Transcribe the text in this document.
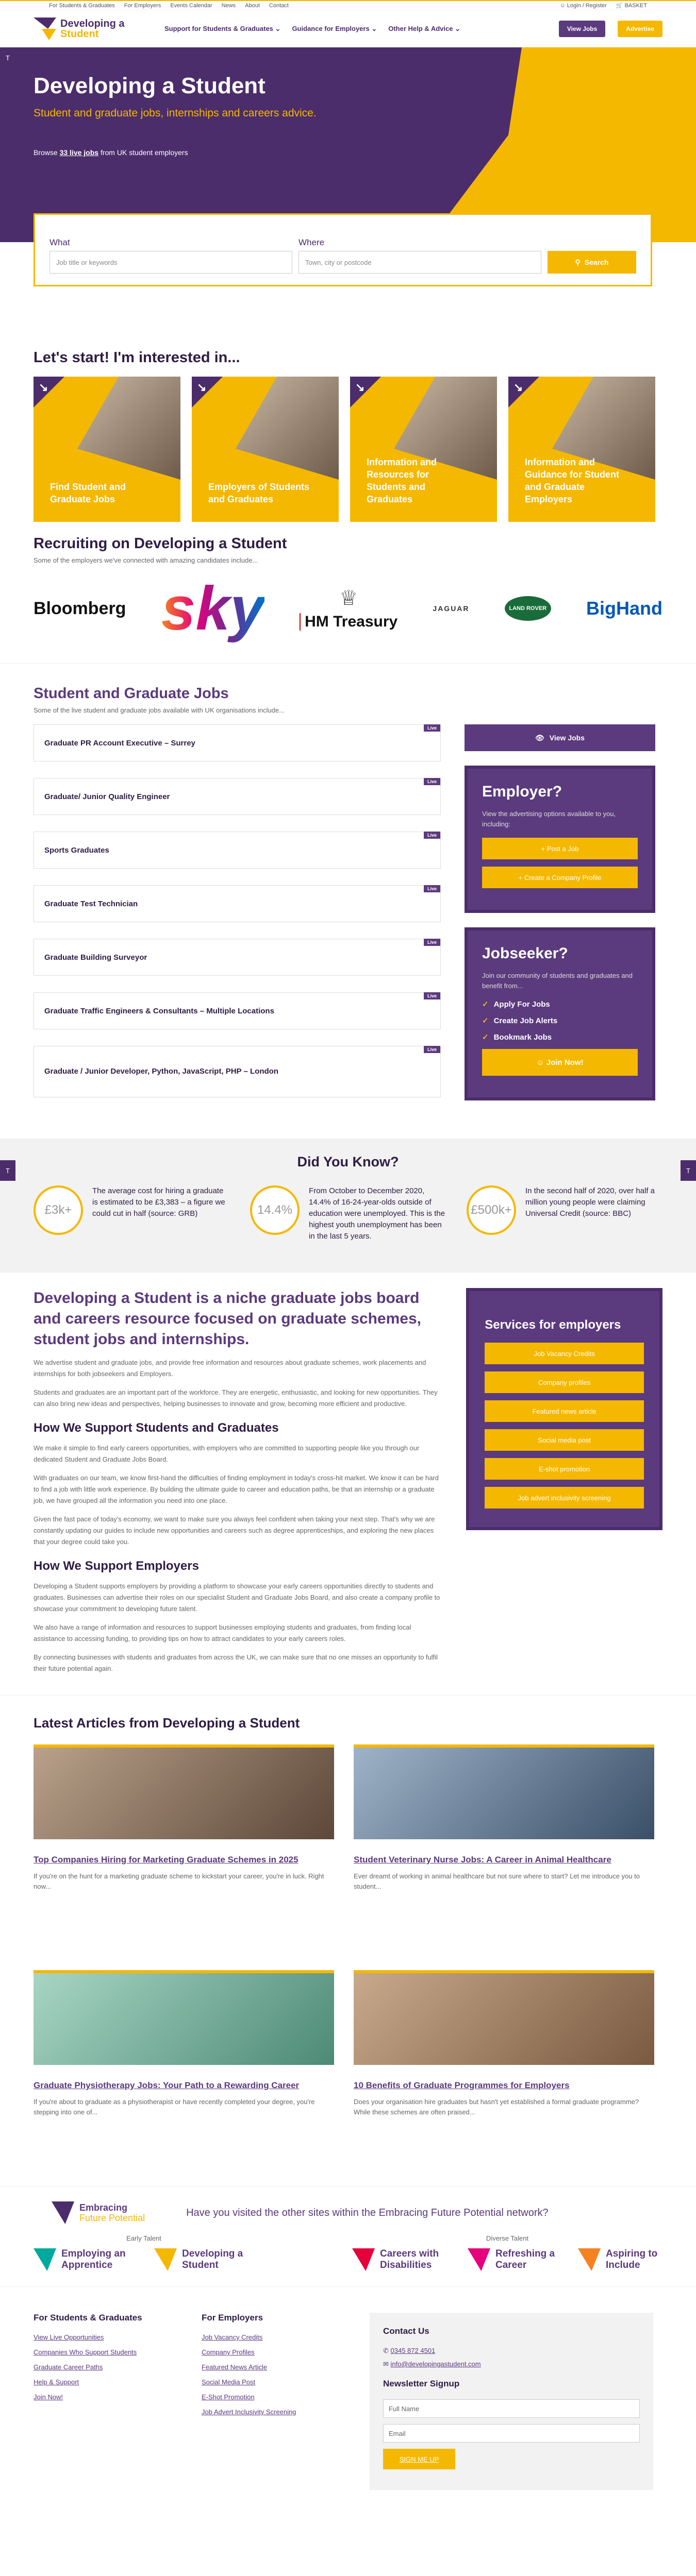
For Students & Graduates For Employers Events Calendar News About Contact	☺ Login / Register 🛒 BASKET
Developing a
Student	Support for Students & Graduates ⌄ Guidance for Employers ⌄ Other Help & Advice ⌄	View Jobs	Advertise
Developing a Student
Student and graduate jobs, internships and careers advice.
Browse 33 live jobs from UK student employers
What
Job title or keywords
Where
Town, city or postcode	⚲ Search
T
Let's start! I'm interested in...
↘
Find Student and Graduate Jobs
↘
Employers of Students and Graduates
↘
Information and Resources for Students and Graduates
↘
Information and Guidance for Student and Graduate Employers
Recruiting on Developing a Student

Some of the employers we've connected with amazing candidates include...

Bloomberg sky	♕
HM Treasury
JAGUAR	LAND ROVER BigHand
Student and Graduate Jobs

Some of the live student and graduate jobs available with UK organisations include...

Graduate PR Account Executive – Surrey
Live
Graduate/ Junior Quality Engineer
Live
Sports Graduates
Live
Graduate Test Technician
Live
Graduate Building Surveyor
Live
Graduate Traffic Engineers & Consultants – Multiple Locations
Live
Graduate / Junior Developer, Python, JavaScript, PHP – London
Live
👁 View Jobs
Employer?

View the advertising options available to you, including:

+ Post a Job
+ Create a Company Profile
Jobseeker?

Join our community of students and graduates and benefit from...

✓ Apply For Jobs
✓ Create Job Alerts
✓ Bookmark Jobs
☺ Join Now!
T	T
Did You Know?
£3k+
The average cost for hiring a graduate is estimated to be £3,383 – a figure we could cut in half (source: GRB)	14.4%
From October to December 2020, 14.4% of 16-24-year-olds outside of education were unemployed. This is the highest youth unemployment has been in the last 5 years.
£500k+
In the second half of 2020, over half a million young people were claiming Universal Credit (source: BBC)
Developing a Student is a niche graduate jobs board and careers resource focused on graduate schemes, student jobs and internships.

We advertise student and graduate jobs, and provide free information and resources about graduate schemes, work placements and internships for both jobseekers and Employers.

Students and graduates are an important part of the workforce. They are energetic, enthusiastic, and looking for new opportunities. They can also bring new ideas and perspectives, helping businesses to innovate and grow, becoming more efficient and productive.

How We Support Students and Graduates

We make it simple to find early careers opportunities, with employers who are committed to supporting people like you through our dedicated Student and Graduate Jobs Board.

With graduates on our team, we know first-hand the difficulties of finding employment in today's cross-hit market. We know it can be hard to find a job with little work experience. By building the ultimate guide to career and education paths, be that an internship or a graduate job, we have grouped all the information you need into one place.

Given the fast pace of today's economy, we want to make sure you always feel confident when taking your next step. That's why we are constantly updating our guides to include new opportunities and careers such as degree apprenticeships, and exploring the new places that your degree could take you.

How We Support Employers

Developing a Student supports employers by providing a platform to showcase your early careers opportunities directly to students and graduates. Businesses can advertise their roles on our specialist Student and Graduate Jobs Board, and also create a company profile to showcase your commitment to developing future talent.

We also have a range of information and resources to support businesses employing students and graduates, from finding local assistance to accessing funding, to providing tips on how to attract candidates to your early careers roles.

By connecting businesses with students and graduates from across the UK, we can make sure that no one misses an opportunity to fulfil their future potential again.

Services for employers
Job Vacancy Credits
Company profiles
Featured news article
Social media post
E-shot promotion
Job advert inclusivity screening
Latest Articles from Developing a Student
Top Companies Hiring for Marketing Graduate Schemes in 2025

If you're on the hunt for a marketing graduate scheme to kickstart your career, you're in luck. Right now...

Student Veterinary Nurse Jobs: A Career in Animal Healthcare

Ever dreamt of working in animal healthcare but not sure where to start? Let me introduce you to student...

Graduate Physiotherapy Jobs: Your Path to a Rewarding Career

If you're about to graduate as a physiotherapist or have recently completed your degree, you're stepping into one of...

10 Benefits of Graduate Programmes for Employers

Does your organisation hire graduates but hasn't yet established a formal graduate programme? While these schemes are often praised...

Embracing
Future Potential	Have you visited the other sites within the Embracing Future Potential network?
Early Talent
Employing an Apprentice
Developing a Student
Diverse Talent
Careers with Disabilities
Refreshing a Career
Aspiring to Include
For Students & Graduates
View Live Opportunities
Companies Who Support Students
Graduate Career Paths
Help & Support
Join Now!
For Employers
Job Vacancy Credits
Company Profiles
Featured News Article
Social Media Post
E-Shot Promotion
Job Advert Inclusivity Screening
Contact Us
✆ 0345 872 4501
✉ info@developingastudent.com
Newsletter Signup
Full Name
Email
SIGN ME UP
